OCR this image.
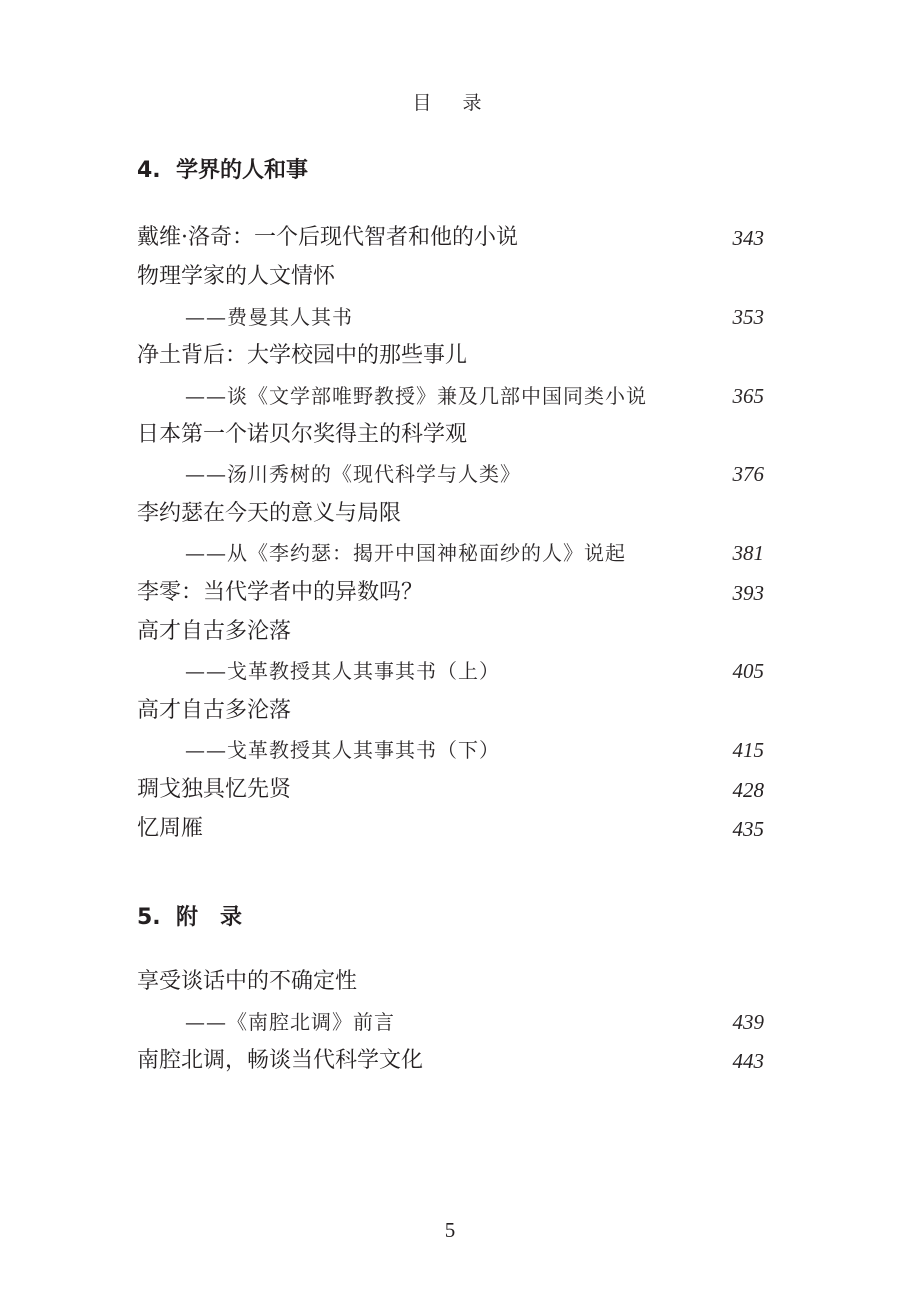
目　录
4.  学界的人和事
戴维·洛奇：一个后现代智者和他的小说	343
物理学家的人文情怀
——费曼其人其书	353
净土背后：大学校园中的那些事儿
——谈《文学部唯野教授》兼及几部中国同类小说	365
日本第一个诺贝尔奖得主的科学观
——汤川秀树的《现代科学与人类》	376
李约瑟在今天的意义与局限
——从《李约瑟：揭开中国神秘面纱的人》说起	381
李零：当代学者中的异数吗？	393
高才自古多沦落
——戈革教授其人其事其书（上）	405
高才自古多沦落
——戈革教授其人其事其书（下）	415
琱戈独具忆先贤	428
忆周雁	435
5.  附　录
享受谈话中的不确定性
——《南腔北调》前言	439
南腔北调，畅谈当代科学文化	443
5
